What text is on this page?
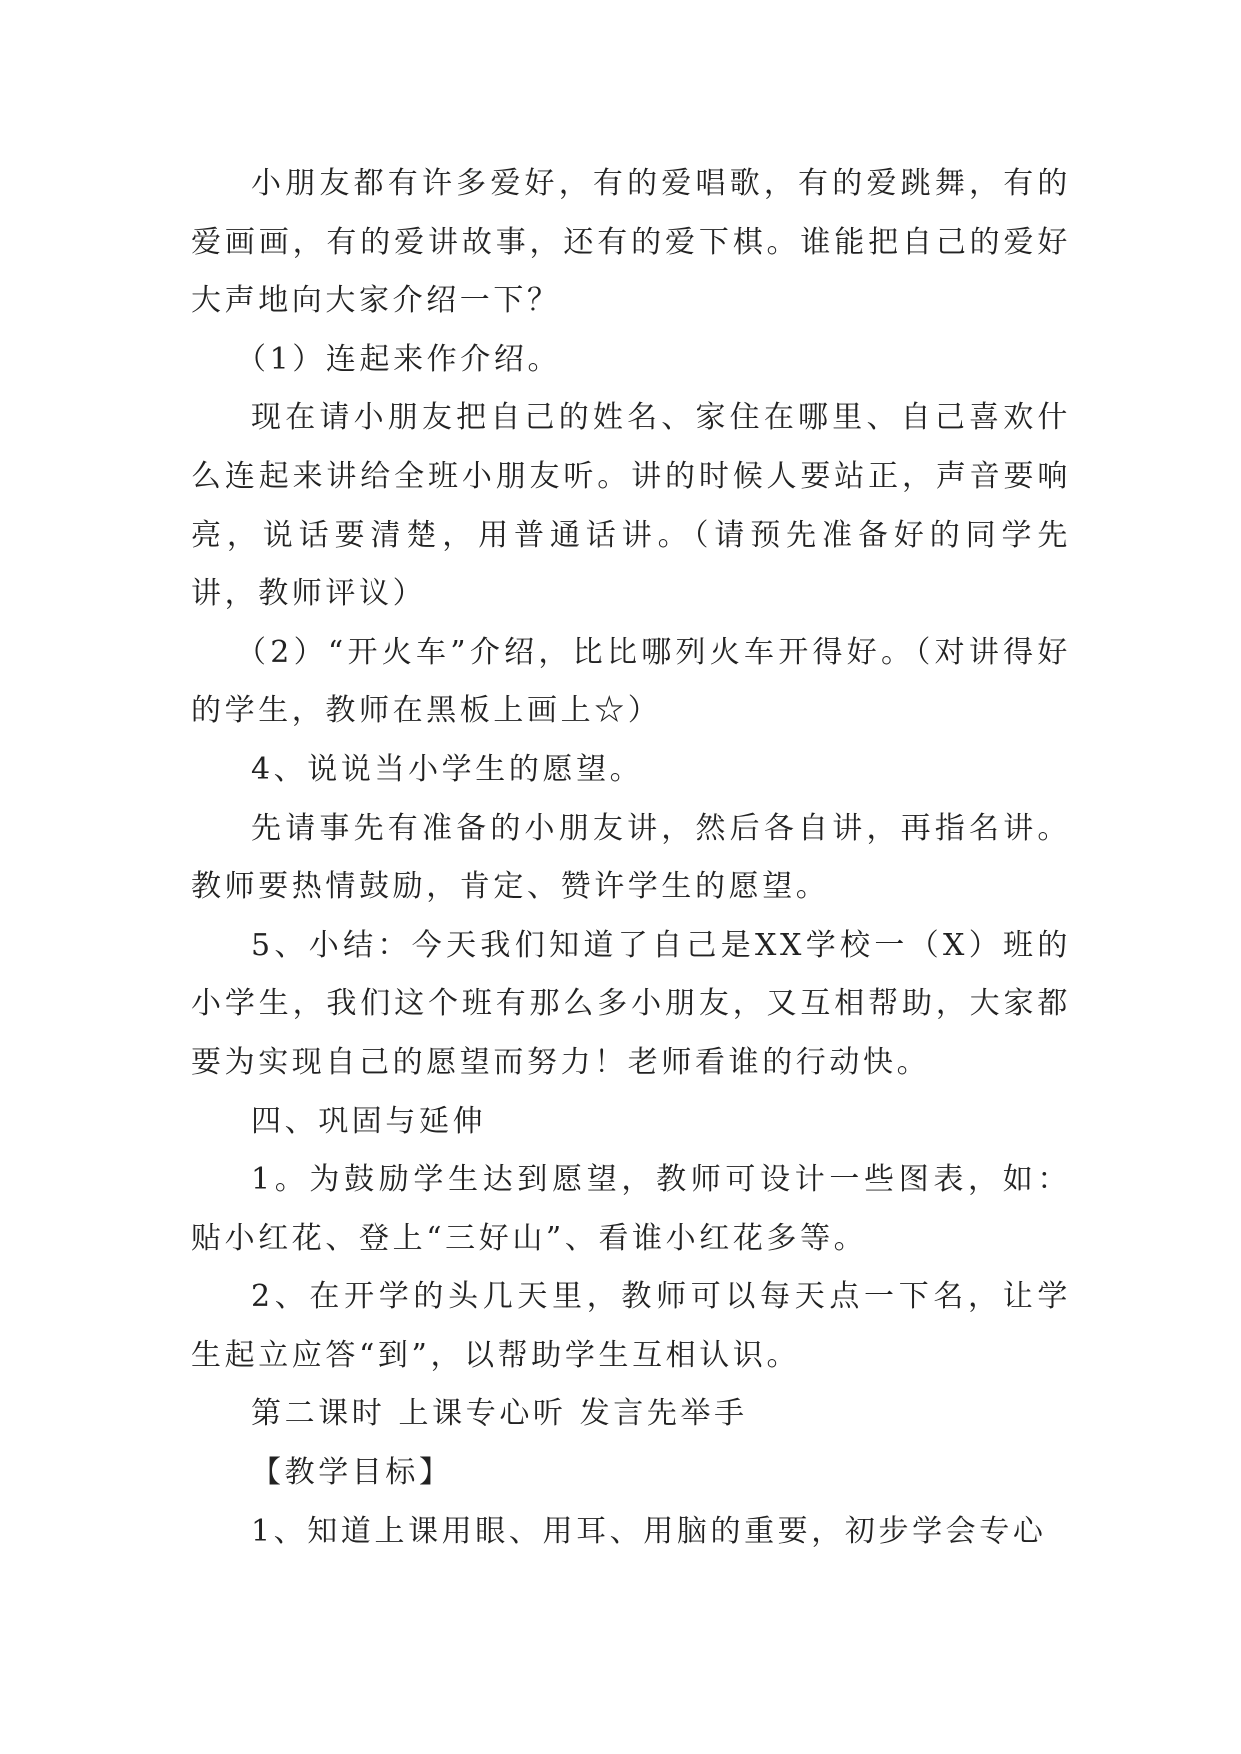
小朋友都有许多爱好，有的爱唱歌，有的爱跳舞，有的爱画画，有的爱讲故事，还有的爱下棋。谁能把自己的爱好大声地向大家介绍一下？

（1）连起来作介绍。

现在请小朋友把自己的姓名、家住在哪里、自己喜欢什么连起来讲给全班小朋友听。讲的时候人要站正，声音要响亮，说话要清楚，用普通话讲。（请预先准备好的同学先讲，教师评议）

（2）“开火车”介绍，比比哪列火车开得好。（对讲得好的学生，教师在黑板上画上☆）

4、说说当小学生的愿望。

先请事先有准备的小朋友讲，然后各自讲，再指名讲。教师要热情鼓励，肯定、赞许学生的愿望。

5、小结：今天我们知道了自己是XX学校一（X）班的小学生，我们这个班有那么多小朋友，又互相帮助，大家都要为实现自己的愿望而努力！老师看谁的行动快。

四、巩固与延伸

1。为鼓励学生达到愿望，教师可设计一些图表，如：贴小红花、登上“三好山”、看谁小红花多等。

2、在开学的头几天里，教师可以每天点一下名，让学生起立应答“到”，以帮助学生互相认识。

第二课时 上课专心听 发言先举手

【教学目标】

1、知道上课用眼、用耳、用脑的重要，初步学会专心
